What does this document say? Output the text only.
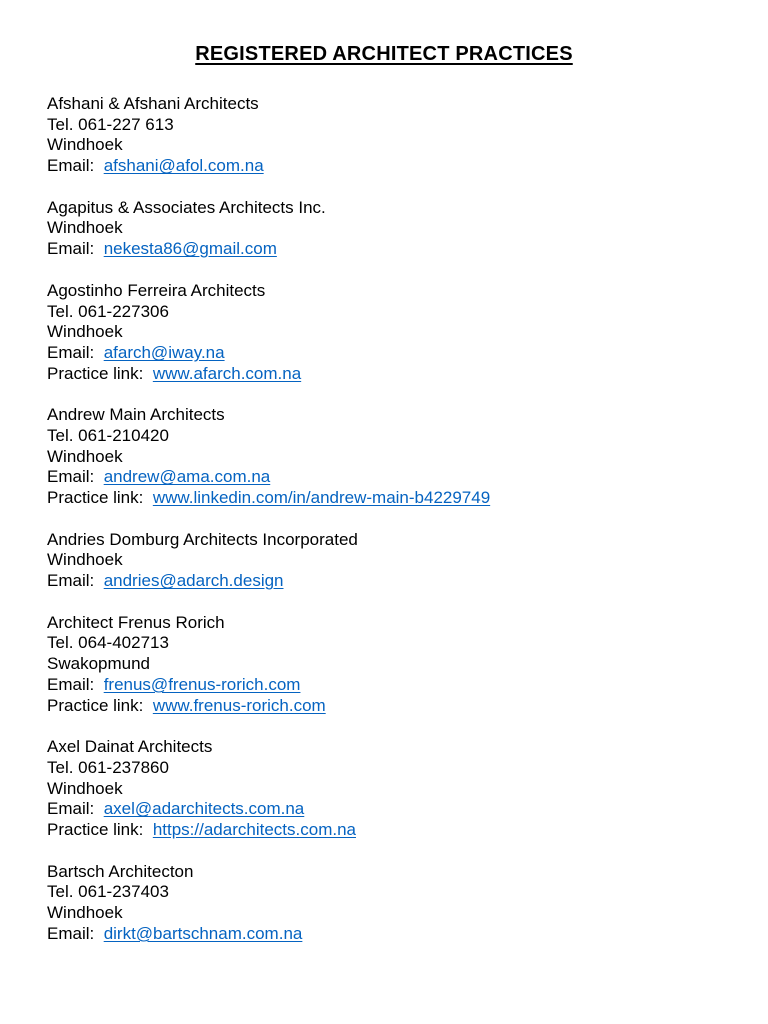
REGISTERED ARCHITECT PRACTICES
Afshani & Afshani Architects
Tel. 061-227 613
Windhoek
Email: afshani@afol.com.na
Agapitus & Associates Architects Inc.
Windhoek
Email: nekesta86@gmail.com
Agostinho Ferreira Architects
Tel. 061-227306
Windhoek
Email: afarch@iway.na
Practice link: www.afarch.com.na
Andrew Main Architects
Tel. 061-210420
Windhoek
Email: andrew@ama.com.na
Practice link: www.linkedin.com/in/andrew-main-b4229749
Andries Domburg Architects Incorporated
Windhoek
Email: andries@adarch.design
Architect Frenus Rorich
Tel. 064-402713
Swakopmund
Email: frenus@frenus-rorich.com
Practice link: www.frenus-rorich.com
Axel Dainat Architects
Tel. 061-237860
Windhoek
Email: axel@adarchitects.com.na
Practice link: https://adarchitects.com.na
Bartsch Architecton
Tel. 061-237403
Windhoek
Email: dirkt@bartschnam.com.na
